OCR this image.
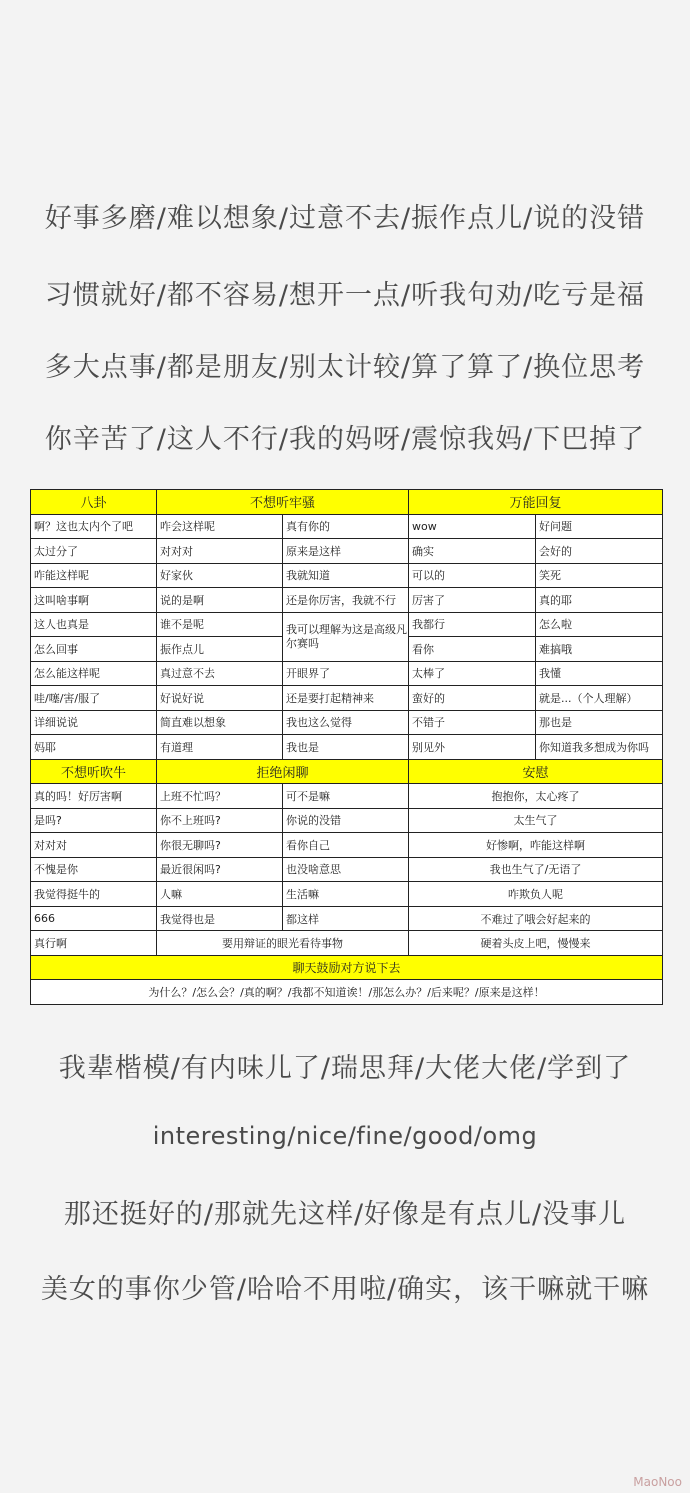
好事多磨/难以想象/过意不去/振作点儿/说的没错
习惯就好/都不容易/想开一点/听我句劝/吃亏是福
多大点事/都是朋友/别太计较/算了算了/换位思考
你辛苦了/这人不行/我的妈呀/震惊我妈/下巴掉了
八卦	不想听牢骚		万能回复	
啊？这也太内个了吧	咋会这样呢	真有你的	wow	好问题
太过分了	对对对	原来是这样	确实	会好的
咋能这样呢	好家伙	我就知道	可以的	笑死
这叫啥事啊	说的是啊	还是你厉害，我就不行	厉害了	真的耶
这人也真是	谁不是呢	我可以理解为这是高级凡尔赛吗	我都行	怎么啦
怎么回事	振作点儿		看你	难搞哦
怎么能这样呢	真过意不去	开眼界了	太棒了	我懂
哇/噻/害/服了	好说好说	还是要打起精神来	蛮好的	就是...（个人理解）
详细说说	简直难以想象	我也这么觉得	不错子	那也是
妈耶	有道理	我也是	别见外	你知道我多想成为你吗
不想听吹牛	拒绝闲聊		安慰	
真的吗！好厉害啊	上班不忙吗？	可不是嘛	抱抱你，太心疼了	
是吗?	你不上班吗?	你说的没错	太生气了	
对对对	你很无聊吗?	看你自己	好惨啊，咋能这样啊	
不愧是你	最近很闲吗?	也没啥意思	我也生气了/无语了	
我觉得挺牛的	人嘛	生活嘛	咋欺负人呢	
666	我觉得也是	都这样	不难过了哦会好起来的	
真行啊	要用辩证的眼光看待事物		硬着头皮上吧，慢慢来	
聊天鼓励对方说下去				
为什么？/怎么会？/真的啊？/我都不知道诶！/那怎么办？/后来呢？/原来是这样！				
我辈楷模/有内味儿了/瑞思拜/大佬大佬/学到了
interesting/nice/fine/good/omg
那还挺好的/那就先这样/好像是有点儿/没事儿
美女的事你少管/哈哈不用啦/确实，该干嘛就干嘛
MaoNoo
